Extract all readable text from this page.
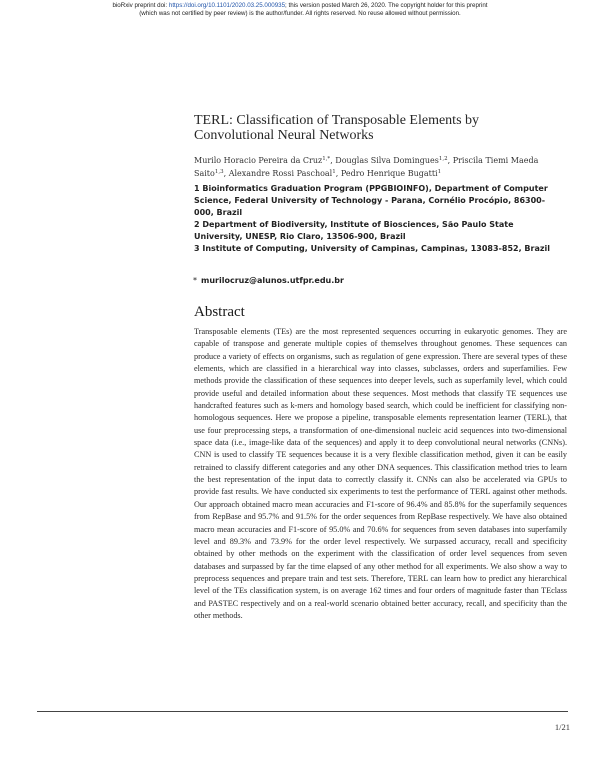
bioRxiv preprint doi: https://doi.org/10.1101/2020.03.25.000935; this version posted March 26, 2020. The copyright holder for this preprint
(which was not certified by peer review) is the author/funder. All rights reserved. No reuse allowed without permission.
TERL: Classification of Transposable Elements by Convolutional Neural Networks

Murilo Horacio Pereira da Cruz$^{1,*}$, Douglas Silva Domingues$^{1,2}$, Priscila Tiemi Maeda Saito$^{1,3}$, Alexandre Rossi Paschoal$^1$, Pedro Henrique Bugatti$^1$

1 Bioinformatics Graduation Program (PPGBIOINFO), Department of Computer Science, Federal University of Technology - Parana, Cornélio Procópio, 86300-000, Brazil

2 Department of Biodiversity, Institute of Biosciences, São Paulo State University, UNESP, Rio Claro, 13506-900, Brazil

3 Institute of Computing, University of Campinas, Campinas, 13083-852, Brazil

* murilocruz@alunos.utfpr.edu.br
Abstract

Transposable elements (TEs) are the most represented sequences occurring in eukaryotic genomes. They are capable of transpose and generate multiple copies of themselves throughout genomes. These sequences can produce a variety of effects on organisms, such as regulation of gene expression. There are several types of these elements, which are classified in a hierarchical way into classes, subclasses, orders and superfamilies. Few methods provide the classification of these sequences into deeper levels, such as superfamily level, which could provide useful and detailed information about these sequences. Most methods that classify TE sequences use handcrafted features such as k-mers and homology based search, which could be inefficient for classifying non-homologous sequences. Here we propose a pipeline, transposable elements representation learner (TERL), that use four preprocessing steps, a transformation of one-dimensional nucleic acid sequences into two-dimensional space data (i.e., image-like data of the sequences) and apply it to deep convolutional neural networks (CNNs). CNN is used to classify TE sequences because it is a very flexible classification method, given it can be easily retrained to classify different categories and any other DNA sequences. This classification method tries to learn the best representation of the input data to correctly classify it. CNNs can also be accelerated via GPUs to provide fast results. We have conducted six experiments to test the performance of TERL against other methods. Our approach obtained macro mean accuracies and F1-score of 96.4% and 85.8% for the superfamily sequences from RepBase and 95.7% and 91.5% for the order sequences from RepBase respectively. We have also obtained macro mean accuracies and F1-score of 95.0% and 70.6% for sequences from seven databases into superfamily level and 89.3% and 73.9% for the order level respectively. We surpassed accuracy, recall and specificity obtained by other methods on the experiment with the classification of order level sequences from seven databases and surpassed by far the time elapsed of any other method for all experiments. We also show a way to preprocess sequences and prepare train and test sets. Therefore, TERL can learn how to predict any hierarchical level of the TEs classification system, is on average 162 times and four orders of magnitude faster than TEclass and PASTEC respectively and on a real-world scenario obtained better accuracy, recall, and specificity than the other methods.

1/21
